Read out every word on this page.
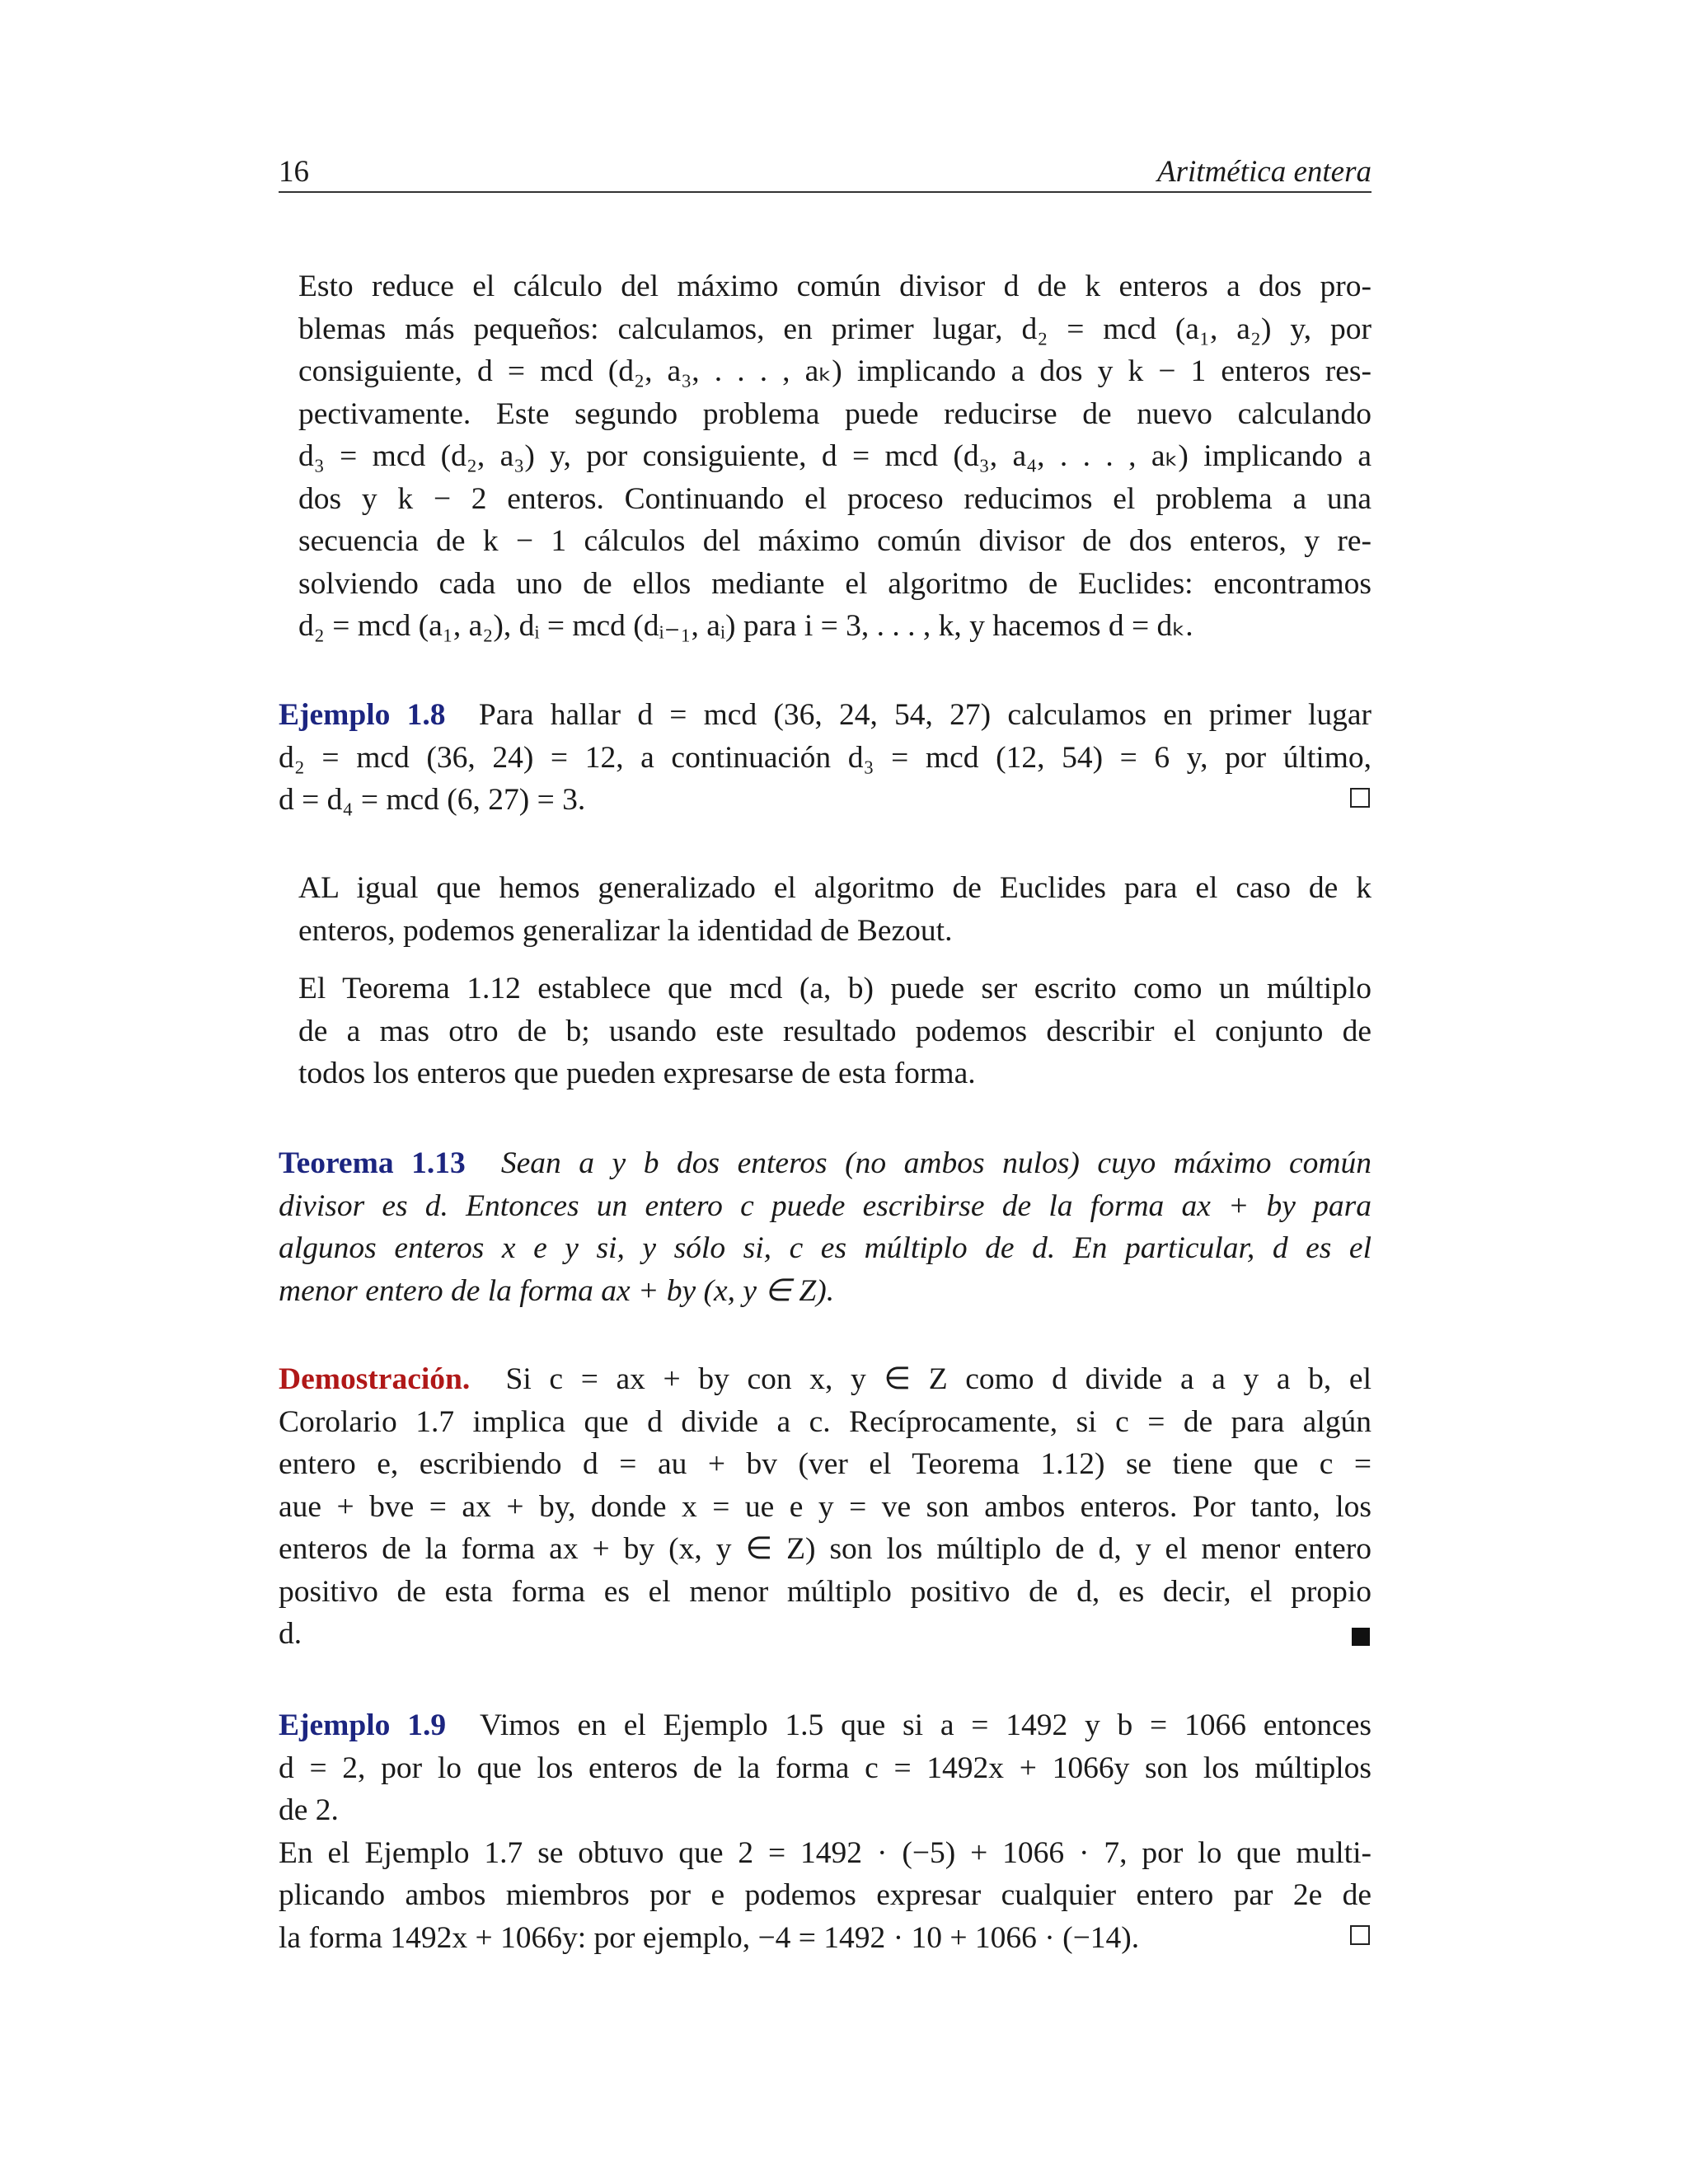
16	Aritmética entera
Esto reduce el cálculo del máximo común divisor d de k enteros a dos pro-
blemas más pequeños: calculamos, en primer lugar, d₂ = mcd (a₁, a₂) y, por
consiguiente, d = mcd (d₂, a₃, . . . , aₖ) implicando a dos y k − 1 enteros res-
pectivamente. Este segundo problema puede reducirse de nuevo calculando
d₃ = mcd (d₂, a₃) y, por consiguiente, d = mcd (d₃, a₄, . . . , aₖ) implicando a
dos y k − 2 enteros. Continuando el proceso reducimos el problema a una
secuencia de k − 1 cálculos del máximo común divisor de dos enteros, y re-
solviendo cada uno de ellos mediante el algoritmo de Euclides: encontramos
d₂ = mcd (a₁, a₂), dᵢ = mcd (dᵢ₋₁, aᵢ) para i = 3, . . . , k, y hacemos d = dₖ.
Ejemplo 1.8 Para hallar d = mcd (36, 24, 54, 27) calculamos en primer lugar
d₂ = mcd (36, 24) = 12, a continuación d₃ = mcd (12, 54) = 6 y, por último,
d = d₄ = mcd (6, 27) = 3.
AL igual que hemos generalizado el algoritmo de Euclides para el caso de k
enteros, podemos generalizar la identidad de Bezout.
El Teorema 1.12 establece que mcd (a, b) puede ser escrito como un múltiplo
de a mas otro de b; usando este resultado podemos describir el conjunto de
todos los enteros que pueden expresarse de esta forma.
Teorema 1.13 Sean a y b dos enteros (no ambos nulos) cuyo máximo común
divisor es d. Entonces un entero c puede escribirse de la forma ax + by para
algunos enteros x e y si, y sólo si, c es múltiplo de d. En particular, d es el
menor entero de la forma ax + by (x, y ∈ Z).
Demostración. Si c = ax + by con x, y ∈ Z como d divide a a y a b, el
Corolario 1.7 implica que d divide a c. Recíprocamente, si c = de para algún
entero e, escribiendo d = au + bv (ver el Teorema 1.12) se tiene que c =
aue + bve = ax + by, donde x = ue e y = ve son ambos enteros. Por tanto, los
enteros de la forma ax + by (x, y ∈ Z) son los múltiplo de d, y el menor entero
positivo de esta forma es el menor múltiplo positivo de d, es decir, el propio
d.
Ejemplo 1.9 Vimos en el Ejemplo 1.5 que si a = 1492 y b = 1066 entonces
d = 2, por lo que los enteros de la forma c = 1492x + 1066y son los múltiplos
de 2.
En el Ejemplo 1.7 se obtuvo que 2 = 1492 · (−5) + 1066 · 7, por lo que multi-
plicando ambos miembros por e podemos expresar cualquier entero par 2e de
la forma 1492x + 1066y: por ejemplo, −4 = 1492 · 10 + 1066 · (−14).
